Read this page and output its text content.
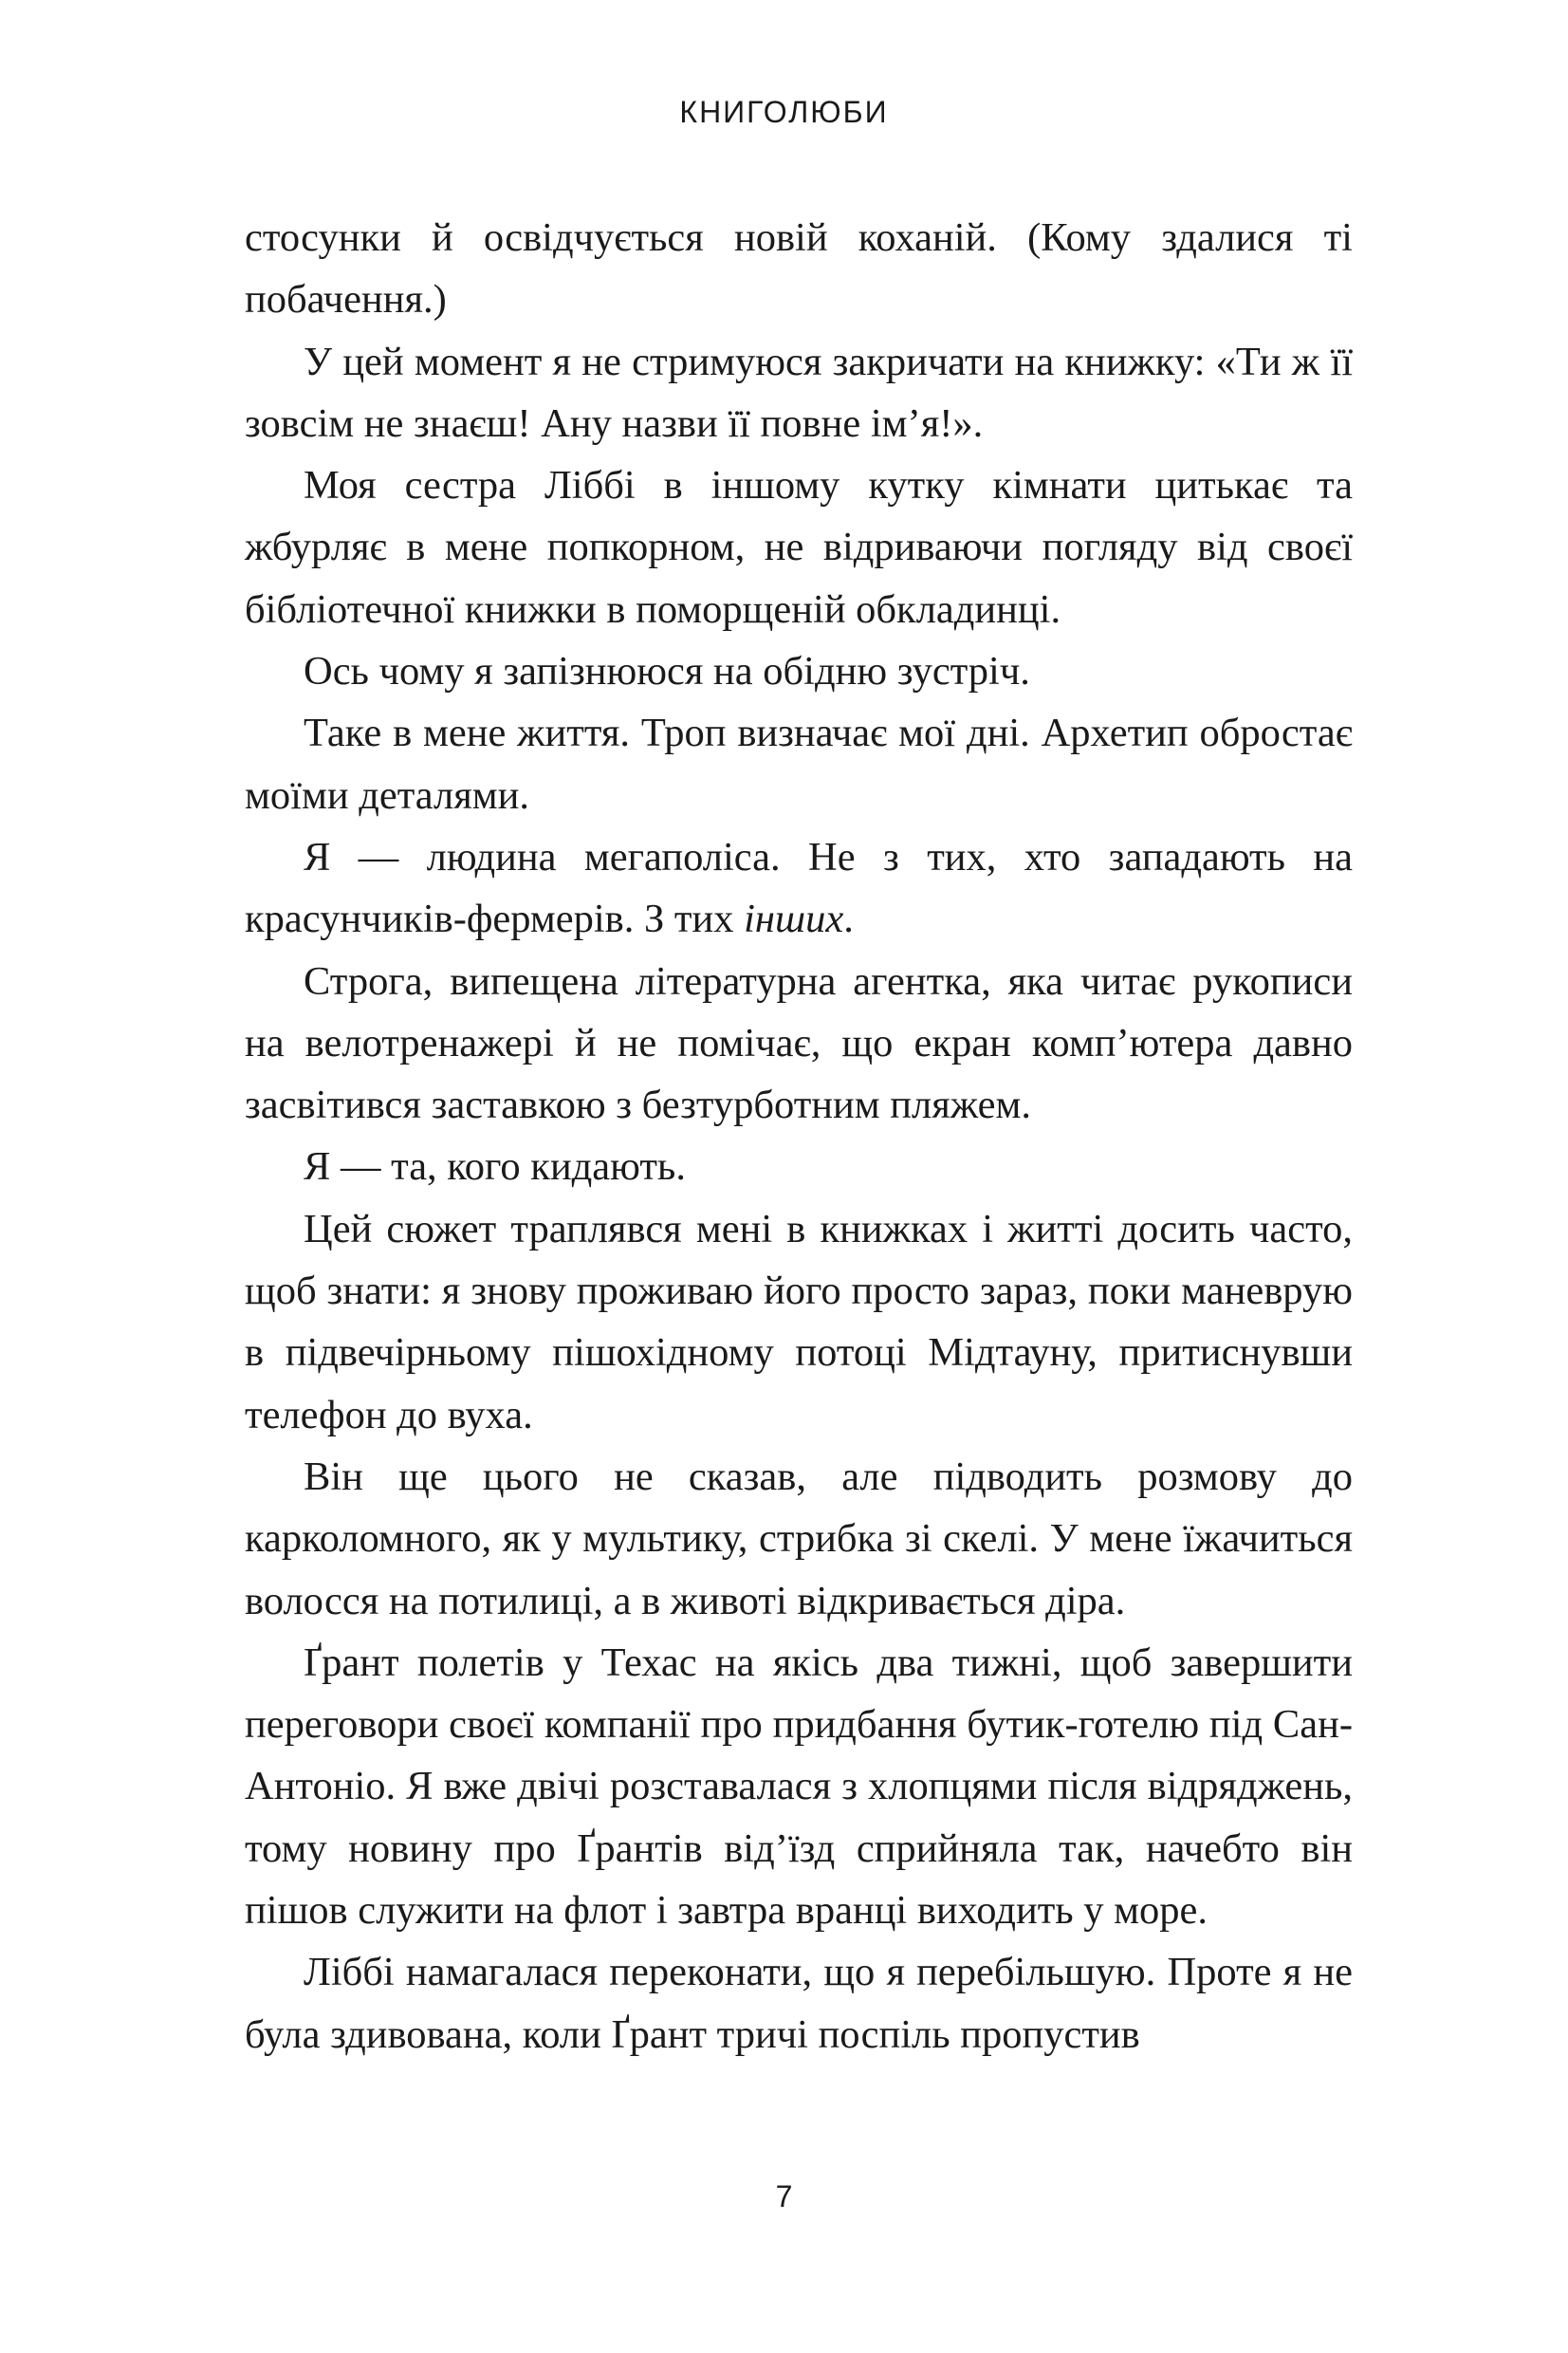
КНИГОЛЮБИ

стосунки й освідчується новій коханій. (Кому здалися ті побачення.)

У цей момент я не стримуюся закричати на книжку: «Ти ж її зовсім не знаєш! Ану назви її повне ім’я!».

Моя сестра Ліббі в іншому кутку кімнати цитькає та жбурляє в мене попкорном, не відриваючи погляду від своєї бібліотечної книжки в поморщеній обкладинці.

Ось чому я запізнююся на обідню зустріч.

Таке в мене життя. Троп визначає мої дні. Архетип обростає моїми деталями.

Я — людина мегаполіса. Не з тих, хто западають на красунчиків-фермерів. З тих інших.

Строга, випещена літературна агентка, яка читає рукописи на велотренажері й не помічає, що екран комп’ютера давно засвітився заставкою з безтурботним пляжем.

Я — та, кого кидають.

Цей сюжет траплявся мені в книжках і житті досить часто, щоб знати: я знову проживаю його просто зараз, поки маневрую в підвечірньому пішохідному потоці Мідтауну, притиснувши телефон до вуха.

Він ще цього не сказав, але підводить розмову до карколомного, як у мультику, стрибка зі скелі. У мене їжачиться волосся на потилиці, а в животі відкривається діра.

Ґрант полетів у Техас на якісь два тижні, щоб завершити переговори своєї компанії про придбання бутик-готелю під Сан-Антоніо. Я вже двічі розставалася з хлопцями після відряджень, тому новину про Ґрантів від’їзд сприйняла так, начебто він пішов служити на флот і завтра вранці виходить у море.

Ліббі намагалася переконати, що я перебільшую. Проте я не була здивована, коли Ґрант тричі поспіль пропустив

7
